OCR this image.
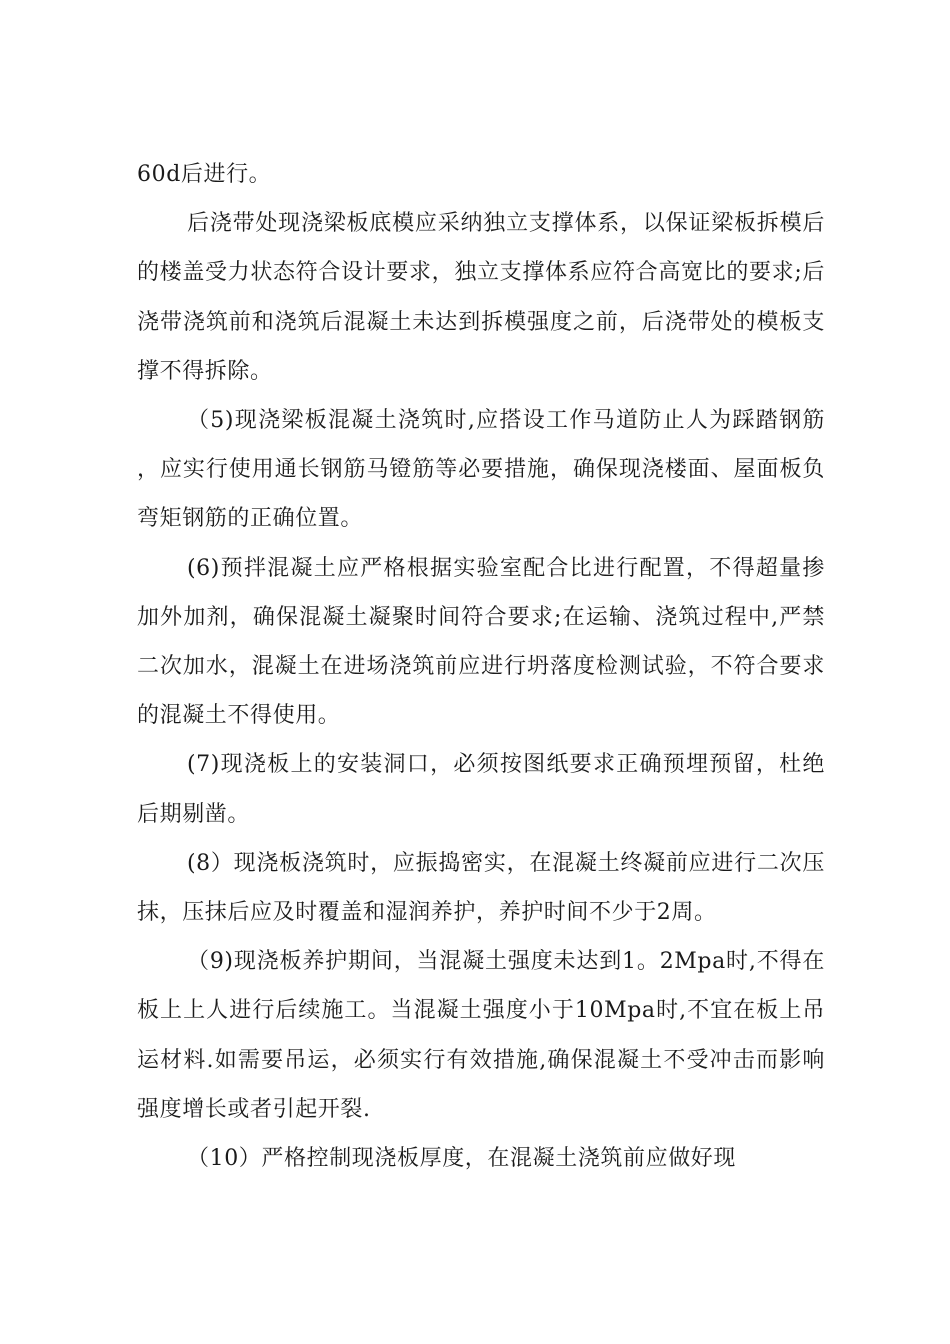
60d后进行。

后浇带处现浇梁板底模应采纳独立支撑体系，以保证梁板拆模后的楼盖受力状态符合设计要求，独立支撑体系应符合高宽比的要求;后浇带浇筑前和浇筑后混凝土未达到拆模强度之前，后浇带处的模板支撑不得拆除。

（5)现浇梁板混凝土浇筑时,应搭设工作马道防止人为踩踏钢筋，应实行使用通长钢筋马镫筋等必要措施，确保现浇楼面、屋面板负弯矩钢筋的正确位置。

(6)预拌混凝土应严格根据实验室配合比进行配置，不得超量掺加外加剂，确保混凝土凝聚时间符合要求;在运输、浇筑过程中,严禁二次加水，混凝土在进场浇筑前应进行坍落度检测试验，不符合要求的混凝土不得使用。

(7)现浇板上的安装洞口，必须按图纸要求正确预埋预留，杜绝后期剔凿。

(8）现浇板浇筑时，应振捣密实，在混凝土终凝前应进行二次压抹，压抹后应及时覆盖和湿润养护，养护时间不少于2周。

（9)现浇板养护期间，当混凝土强度未达到1。2Mpa时,不得在板上上人进行后续施工。当混凝土强度小于10Mpa时,不宜在板上吊运材料.如需要吊运，必须实行有效措施,确保混凝土不受冲击而影响强度增长或者引起开裂.

（10）严格控制现浇板厚度，在混凝土浇筑前应做好现
